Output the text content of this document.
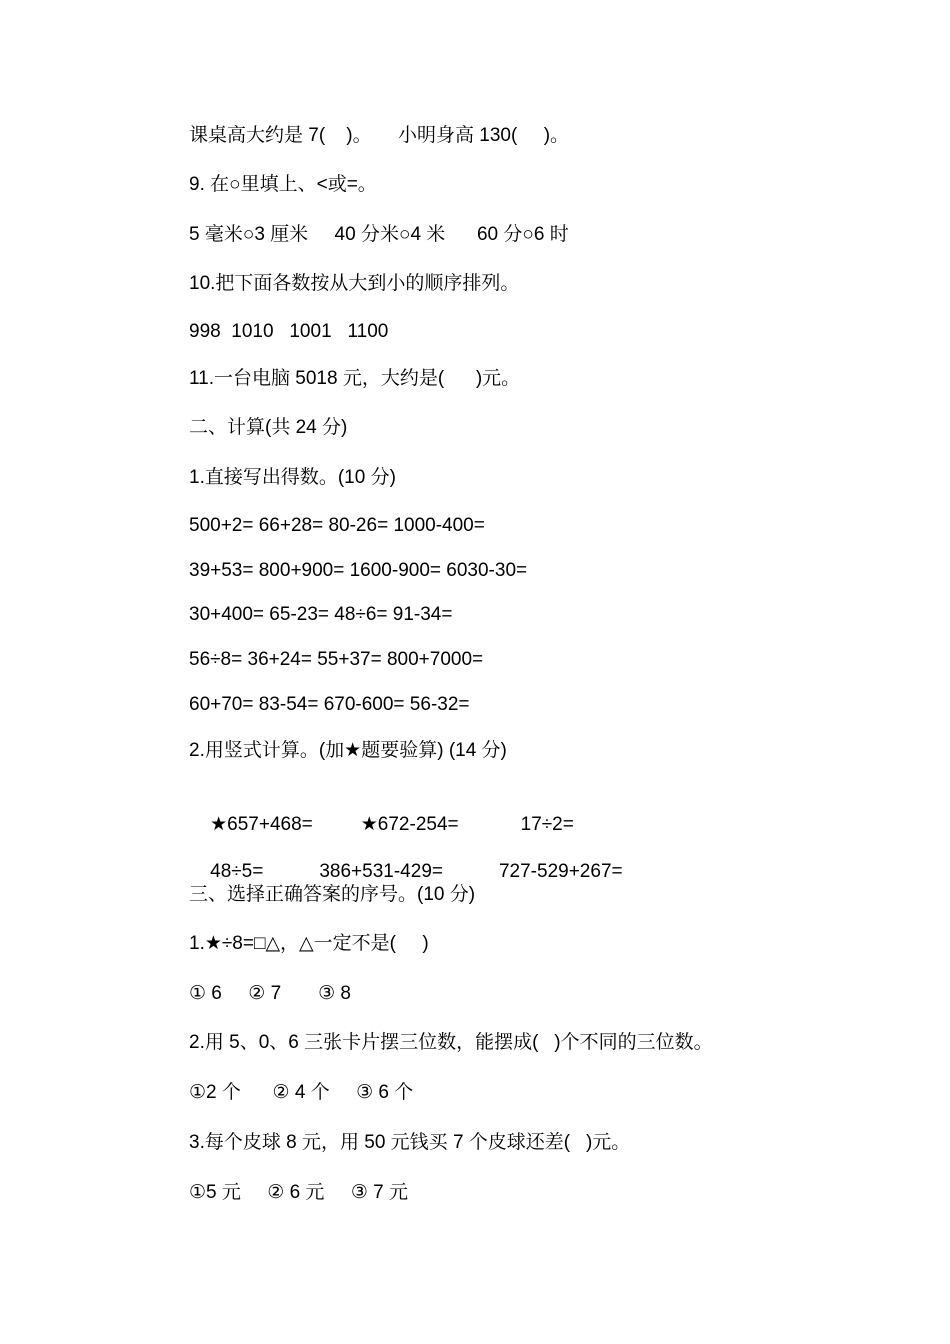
课桌高大约是 7(    )。     小明身高 130(     )。
9. 在○里填上、<或=。
5 毫米○3 厘米     40 分米○4 米      60 分○6 时
10.把下面各数按从大到小的顺序排列。
998  1010   1001   1100
11.一台电脑 5018 元，大约是(      )元。
二、计算(共 24 分)
1.直接写出得数。(10 分)
500+2= 66+28= 80-26= 1000-400=
39+53= 800+900= 1600-900= 6030-30=
30+400= 65-23= 48÷6= 91-34=
56÷8= 36+24= 55+37= 800+7000=
60+70= 83-54= 670-600= 56-32=
2.用竖式计算。(加★题要验算) (14 分)

★657+468=	★672-254=	17÷2=

48÷5=	386+531-429=	727-529+267=

三、选择正确答案的序号。(10 分)
1.★÷8=□△，△一定不是(     )
① 6     ② 7       ③ 8
2.用 5、0、6 三张卡片摆三位数，能摆成(   )个不同的三位数。
①2 个      ② 4 个     ③ 6 个
3.每个皮球 8 元，用 50 元钱买 7 个皮球还差(   )元。
①5 元     ② 6 元     ③ 7 元
